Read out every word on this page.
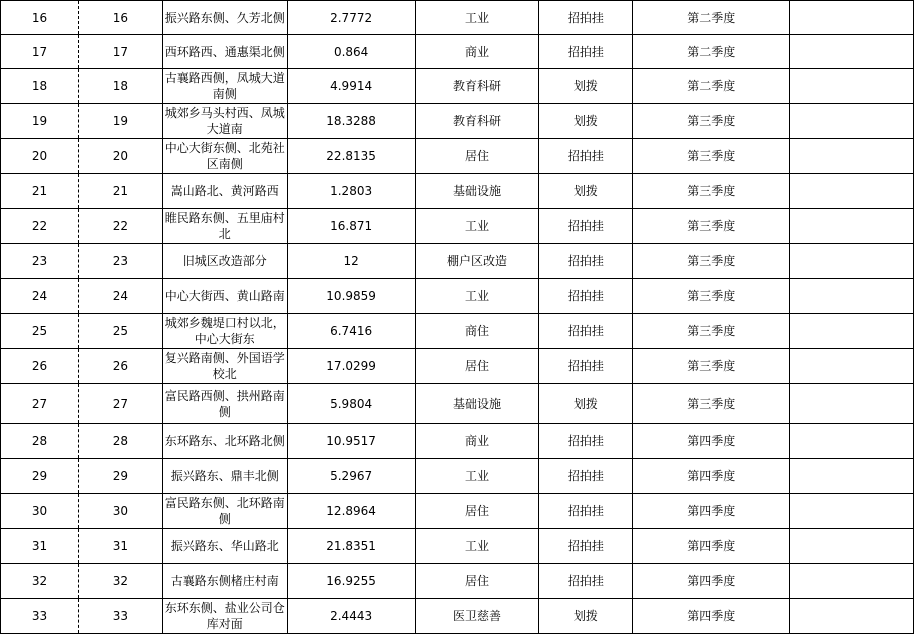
16	16	振兴路东侧、久芳北侧	2.7772	工业	招拍挂	第二季度	
17	17	西环路西、通惠渠北侧	0.864	商业	招拍挂	第二季度	
18	18	古襄路西侧，凤城大道南侧	4.9914	教育科研	划拨	第二季度	
19	19	城郊乡马头村西、凤城大道南	18.3288	教育科研	划拨	第三季度	
20	20	中心大街东侧、北苑社区南侧	22.8135	居住	招拍挂	第三季度	
21	21	嵩山路北、黄河路西	1.2803	基础设施	划拨	第三季度	
22	22	睢民路东侧、五里庙村北	16.871	工业	招拍挂	第三季度	
23	23	旧城区改造部分	12	棚户区改造	招拍挂	第三季度	
24	24	中心大街西、黄山路南	10.9859	工业	招拍挂	第三季度	
25	25	城郊乡魏堤口村以北，中心大街东	6.7416	商住	招拍挂	第三季度	
26	26	复兴路南侧、外国语学校北	17.0299	居住	招拍挂	第三季度	
27	27	富民路西侧、拱州路南侧	5.9804	基础设施	划拨	第三季度	
28	28	东环路东、北环路北侧	10.9517	商业	招拍挂	第四季度	
29	29	振兴路东、鼎丰北侧	5.2967	工业	招拍挂	第四季度	
30	30	富民路东侧、北环路南侧	12.8964	居住	招拍挂	第四季度	
31	31	振兴路东、华山路北	21.8351	工业	招拍挂	第四季度	
32	32	古襄路东侧楮庄村南	16.9255	居住	招拍挂	第四季度	
33	33	东环东侧、盐业公司仓库对面	2.4443	医卫慈善	划拨	第四季度	
